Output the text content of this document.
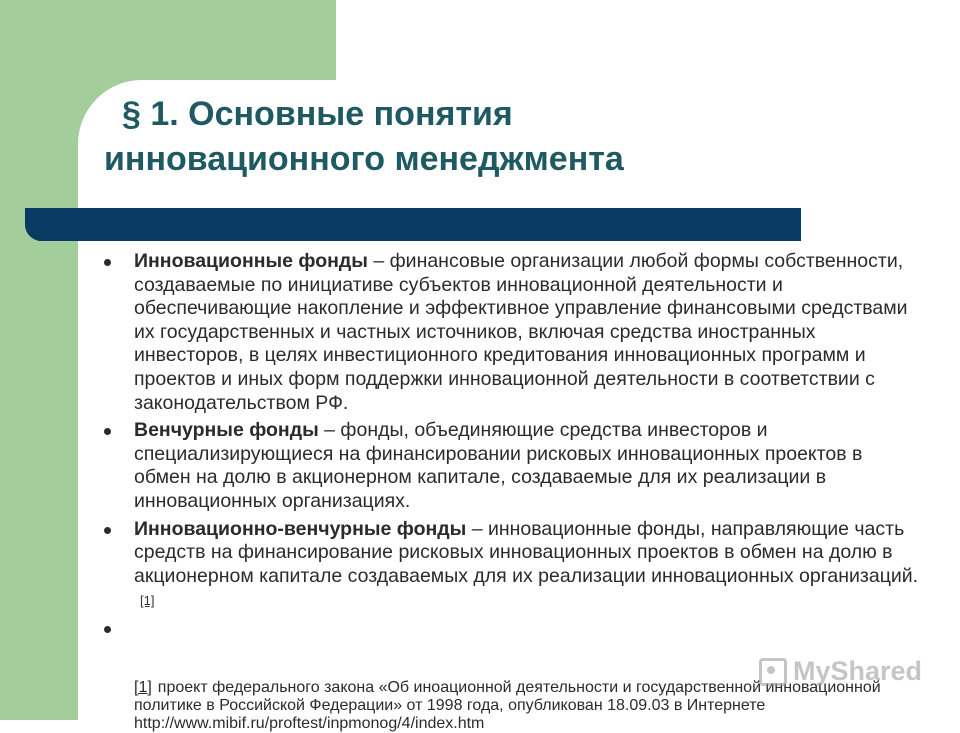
§ 1. Основные понятия
инновационного менеджмента
Инновационные фонды – финансовые организации любой формы собственности, создаваемые по инициативе субъектов инновационной деятельности и обеспечивающие накопление и эффективное управление финансовыми средствами их государственных и частных источников, включая средства иностранных инвесторов, в целях инвестиционного кредитования инновационных программ и проектов и иных форм поддержки инновационной деятельности в соответствии с законодательством РФ.
Венчурные фонды – фонды, объединяющие средства инвесторов и специализирующиеся на финансировании рисковых инновационных проектов в обмен на долю в акционерном капитале, создаваемые для их реализации в инновационных организациях.
Инновационно-венчурные фонды – инновационные фонды, направляющие часть средств на финансирование рисковых инновационных проектов в обмен на долю в акционерном капитале создаваемых для их реализации инновационных организаций.[1]
[1] проект федерального закона «Об иноационной деятельности и государственной инновационной политике в Российской Федерации» от 1998 года, опубликован 18.09.03 в Интернете http://www.mibif.ru/proftest/inpmonog/4/index.htm
MyShared
